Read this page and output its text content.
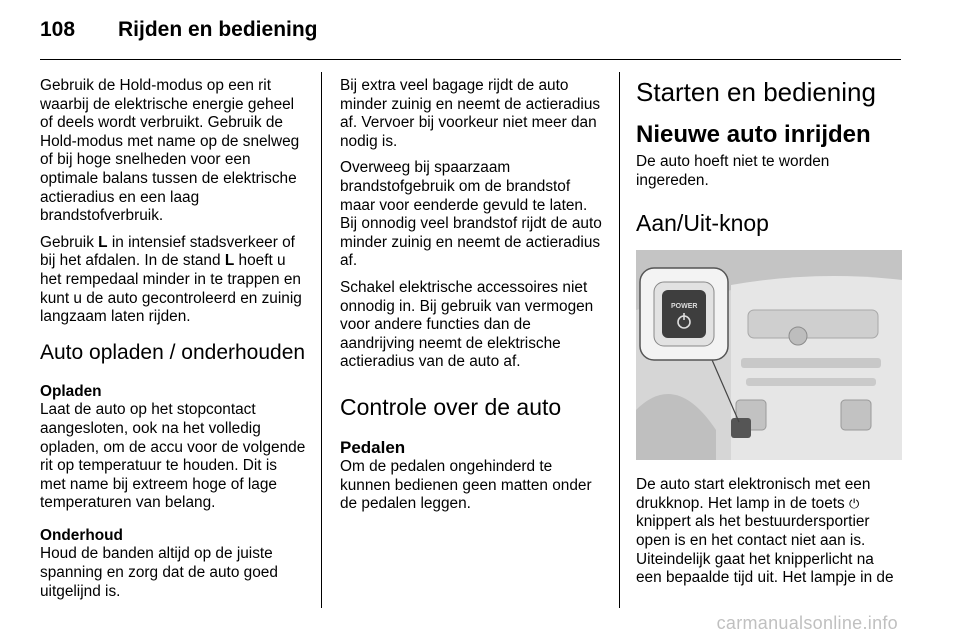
108 Rijden en bediening

Gebruik de Hold-modus op een rit waarbij de elektrische energie geheel of deels wordt verbruikt. Gebruik de Hold-modus met name op de snelweg of bij hoge snelheden voor een optimale balans tussen de elektrische actieradius en een laag brandstofverbruik.

Gebruik L in intensief stadsverkeer of bij het afdalen. In de stand L hoeft u het rempedaal minder in te trappen en kunt u de auto gecontroleerd en zuinig langzaam laten rijden.

Auto opladen / onderhouden
Opladen

Laat de auto op het stopcontact aangesloten, ook na het volledig opladen, om de accu voor de volgende rit op temperatuur te houden. Dit is met name bij extreem hoge of lage temperaturen van belang.

Onderhoud

Houd de banden altijd op de juiste spanning en zorg dat de auto goed uitgelijnd is.

Bij extra veel bagage rijdt de auto minder zuinig en neemt de actieradius af. Vervoer bij voorkeur niet meer dan nodig is.

Overweeg bij spaarzaam brandstofgebruik om de brandstof maar voor eenderde gevuld te laten. Bij onnodig veel brandstof rijdt de auto minder zuinig en neemt de actieradius af.

Schakel elektrische accessoires niet onnodig in. Bij gebruik van vermogen voor andere functies dan de aandrijving neemt de elektrische actieradius van de auto af.

Controle over de auto
Pedalen

Om de pedalen ongehinderd te kunnen bedienen geen matten onder de pedalen leggen.

Starten en bediening
Nieuwe auto inrijden

De auto hoeft niet te worden ingereden.

Aan/Uit-knop
POWER

De auto start elektronisch met een drukknop. Het lamp in de toets ⏻ knippert als het bestuurdersportier open is en het contact niet aan is. Uiteindelijk gaat het knipperlicht na een bepaalde tijd uit. Het lampje in de

carmanualsonline.info
